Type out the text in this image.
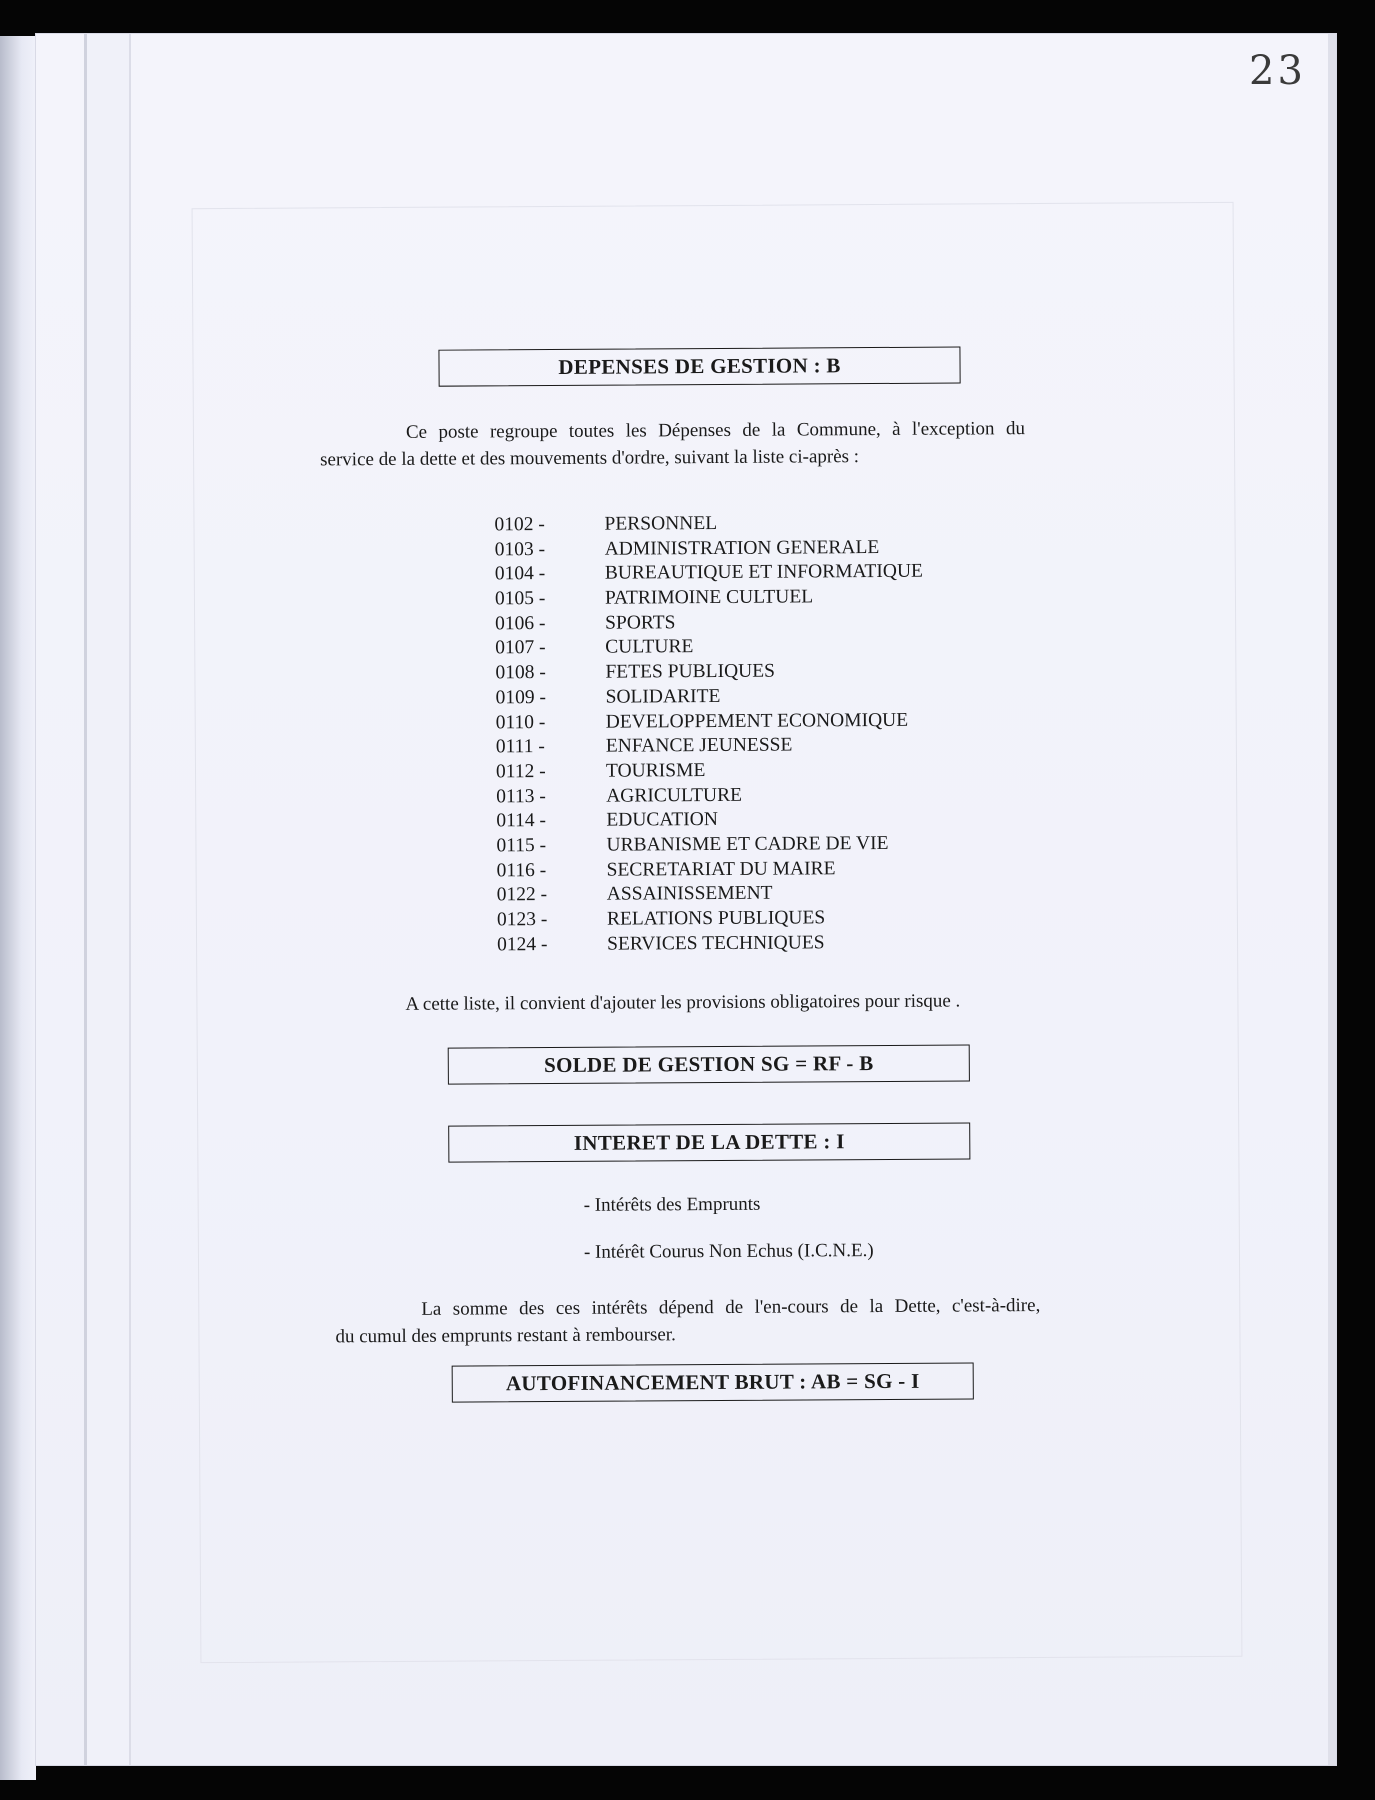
23
DEPENSES DE GESTION : B
Ce poste regroupe toutes les Dépenses de la Commune, à l'exception du
service de la dette et des mouvements d'ordre, suivant la liste ci-après :
0102 -	PERSONNEL
0103 -	ADMINISTRATION GENERALE
0104 -	BUREAUTIQUE ET INFORMATIQUE
0105 -	PATRIMOINE CULTUEL
0106 -	SPORTS
0107 -	CULTURE
0108 -	FETES PUBLIQUES
0109 -	SOLIDARITE
0110 -	DEVELOPPEMENT ECONOMIQUE
0111 -	ENFANCE JEUNESSE
0112 -	TOURISME
0113 -	AGRICULTURE
0114 -	EDUCATION
0115 -	URBANISME ET CADRE DE VIE
0116 -	SECRETARIAT DU MAIRE
0122 -	ASSAINISSEMENT
0123 -	RELATIONS PUBLIQUES
0124 -	SERVICES TECHNIQUES
A cette liste, il convient d'ajouter les provisions obligatoires pour risque .
SOLDE DE GESTION SG = RF - B
INTERET DE LA DETTE : I
- Intérêts des Emprunts
- Intérêt Courus Non Echus (I.C.N.E.)
La somme des ces intérêts dépend de l'en-cours de la Dette, c'est-à-dire,
du cumul des emprunts restant à rembourser.
AUTOFINANCEMENT BRUT : AB = SG - I
